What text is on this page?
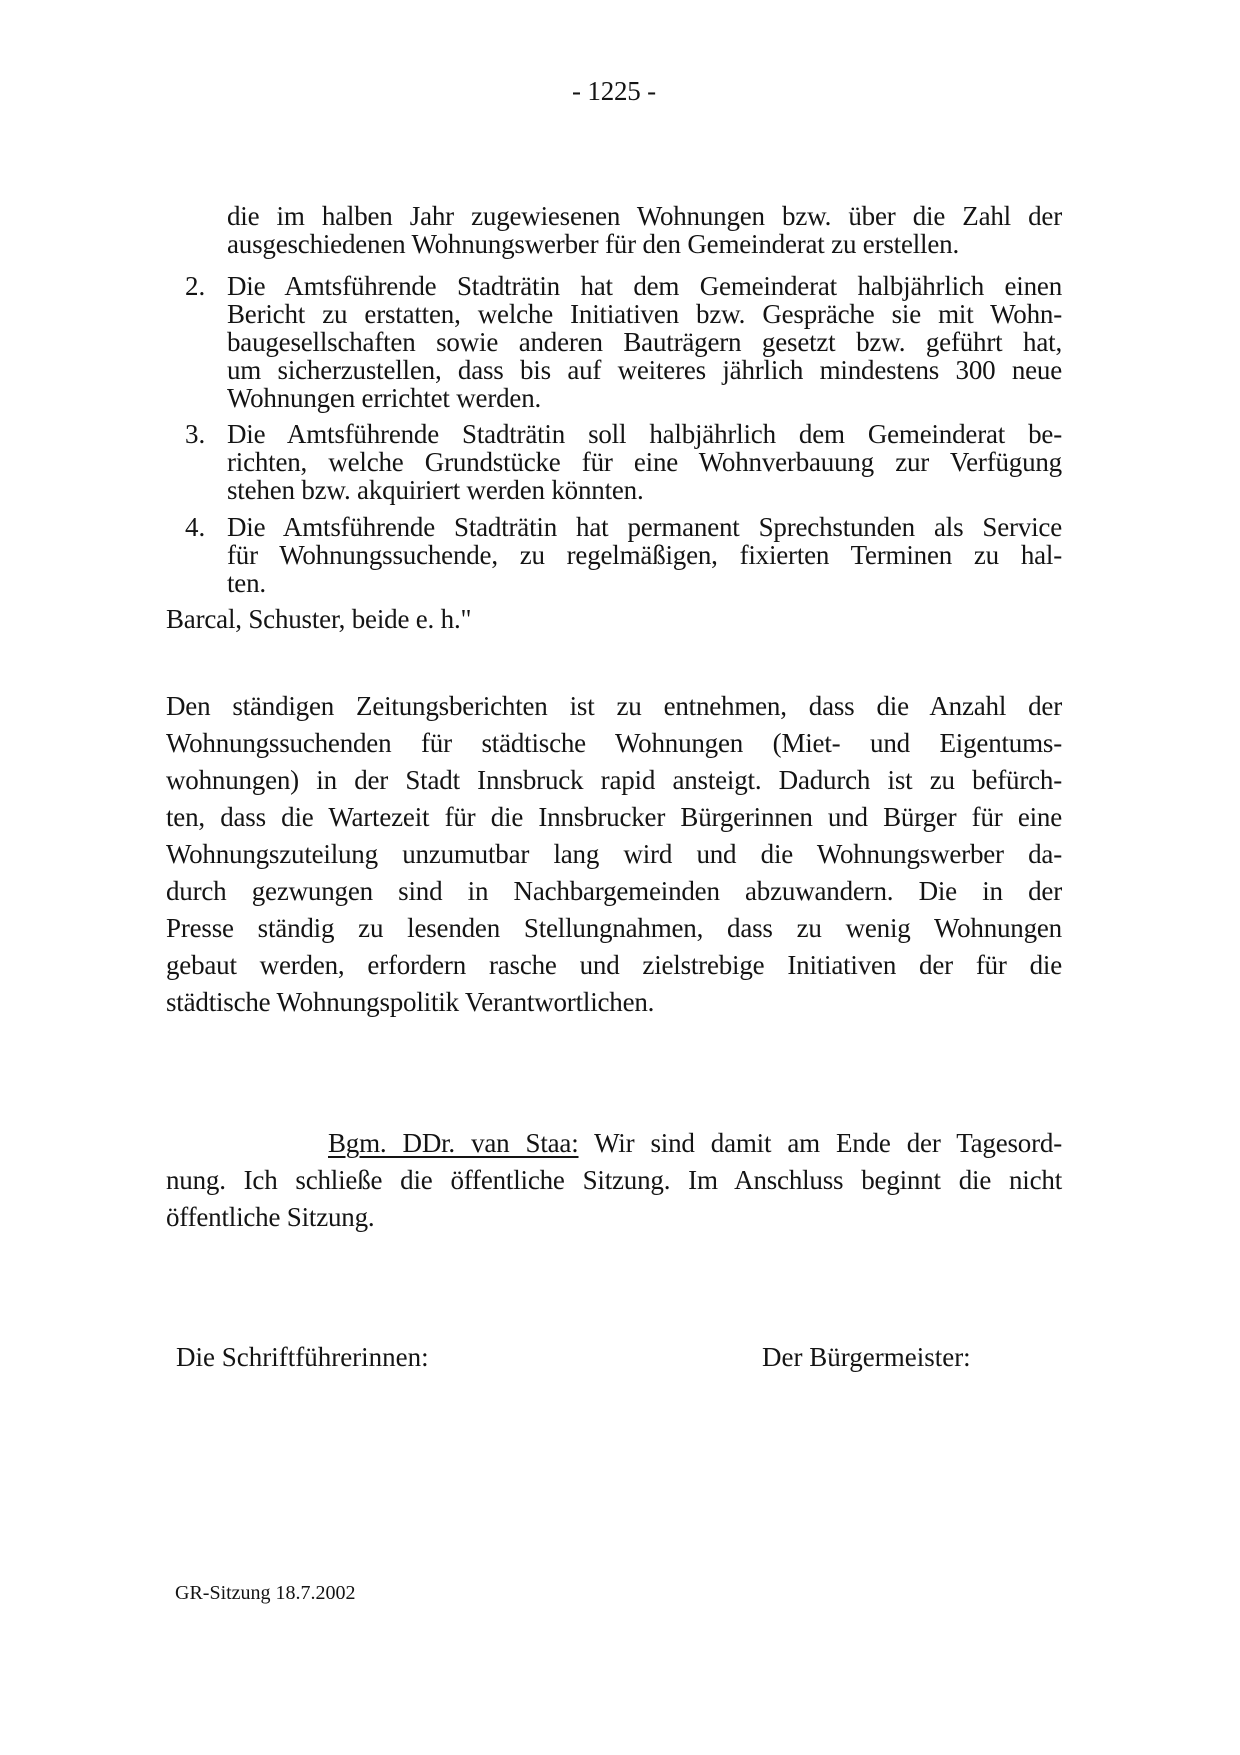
- 1225 -
die im halben Jahr zugewiesenen Wohnungen bzw. über die Zahl der
ausgeschiedenen Wohnungswerber für den Gemeinderat zu erstellen.
2. Die Amtsführende Stadträtin hat dem Gemeinderat halbjährlich einen
Bericht zu erstatten, welche Initiativen bzw. Gespräche sie mit Wohn-
baugesellschaften sowie anderen Bauträgern gesetzt bzw. geführt hat,
um sicherzustellen, dass bis auf weiteres jährlich mindestens 300 neue
Wohnungen errichtet werden.
3. Die Amtsführende Stadträtin soll halbjährlich dem Gemeinderat be-
richten, welche Grundstücke für eine Wohnverbauung zur Verfügung
stehen bzw. akquiriert werden könnten.
4. Die Amtsführende Stadträtin hat permanent Sprechstunden als Service
für Wohnungssuchende, zu regelmäßigen, fixierten Terminen zu hal-
ten.
Barcal, Schuster, beide e. h."
Den ständigen Zeitungsberichten ist zu entnehmen, dass die Anzahl der
Wohnungssuchenden für städtische Wohnungen (Miet- und Eigentums-
wohnungen) in der Stadt Innsbruck rapid ansteigt. Dadurch ist zu befürch-
ten, dass die Wartezeit für die Innsbrucker Bürgerinnen und Bürger für eine
Wohnungszuteilung unzumutbar lang wird und die Wohnungswerber da-
durch gezwungen sind in Nachbargemeinden abzuwandern. Die in der
Presse ständig zu lesenden Stellungnahmen, dass zu wenig Wohnungen
gebaut werden, erfordern rasche und zielstrebige Initiativen der für die
städtische Wohnungspolitik Verantwortlichen.
Bgm. DDr. van Staa: Wir sind damit am Ende der Tagesord-
nung. Ich schließe die öffentliche Sitzung. Im Anschluss beginnt die nicht
öffentliche Sitzung.
Die Schriftführerinnen:	Der Bürgermeister:
GR-Sitzung 18.7.2002
